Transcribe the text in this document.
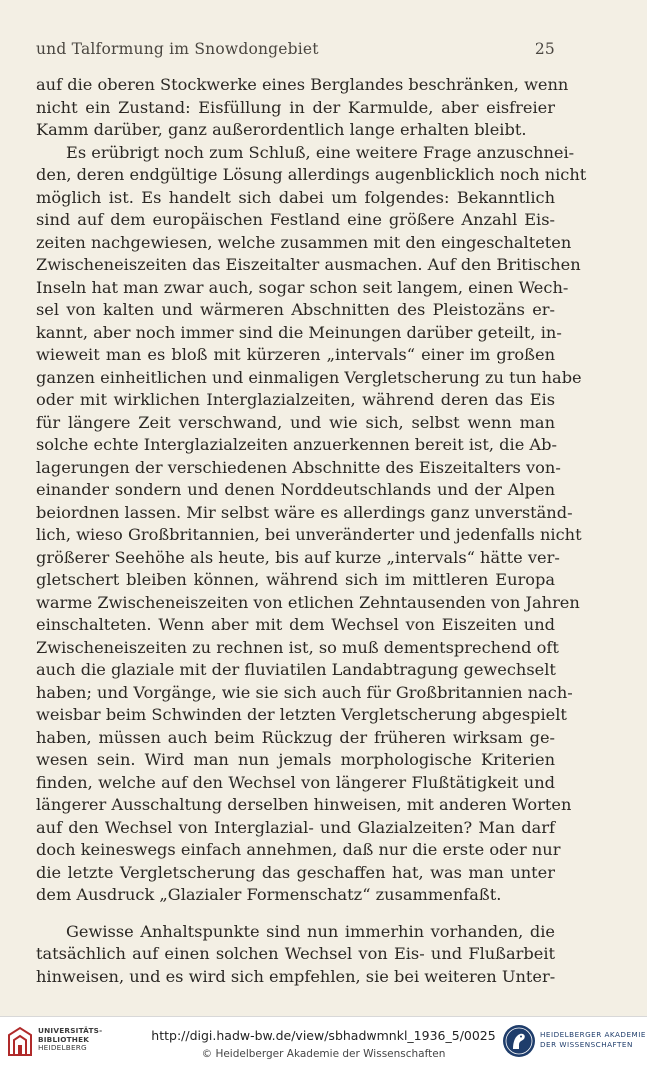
und Talformung im Snowdongebiet	25
auf die oberen Stockwerke eines Berglandes beschränken, wenn
nicht ein Zustand: Eisfüllung in der Karmulde, aber eisfreier
Kamm darüber, ganz außerordentlich lange erhalten bleibt.
Es erübrigt noch zum Schluß, eine weitere Frage anzuschnei-
den, deren endgültige Lösung allerdings augenblicklich noch nicht
möglich ist. Es handelt sich dabei um folgendes: Bekanntlich
sind auf dem europäischen Festland eine größere Anzahl Eis-
zeiten nachgewiesen, welche zusammen mit den eingeschalteten
Zwischeneiszeiten das Eiszeitalter ausmachen. Auf den Britischen
Inseln hat man zwar auch, sogar schon seit langem, einen Wech-
sel von kalten und wärmeren Abschnitten des Pleistozäns er-
kannt, aber noch immer sind die Meinungen darüber geteilt, in-
wieweit man es bloß mit kürzeren „intervals“ einer im großen
ganzen einheitlichen und einmaligen Vergletscherung zu tun habe
oder mit wirklichen Interglazialzeiten, während deren das Eis
für längere Zeit verschwand, und wie sich, selbst wenn man
solche echte Interglazialzeiten anzuerkennen bereit ist, die Ab-
lagerungen der verschiedenen Abschnitte des Eiszeitalters von-
einander sondern und denen Norddeutschlands und der Alpen
beiordnen lassen. Mir selbst wäre es allerdings ganz unverständ-
lich, wieso Großbritannien, bei unveränderter und jedenfalls nicht
größerer Seehöhe als heute, bis auf kurze „intervals“ hätte ver-
gletschert bleiben können, während sich im mittleren Europa
warme Zwischeneiszeiten von etlichen Zehntausenden von Jahren
einschalteten. Wenn aber mit dem Wechsel von Eiszeiten und
Zwischeneiszeiten zu rechnen ist, so muß dementsprechend oft
auch die glaziale mit der fluviatilen Landabtragung gewechselt
haben; und Vorgänge, wie sie sich auch für Großbritannien nach-
weisbar beim Schwinden der letzten Vergletscherung abgespielt
haben, müssen auch beim Rückzug der früheren wirksam ge-
wesen sein. Wird man nun jemals morphologische Kriterien
finden, welche auf den Wechsel von längerer Flußtätigkeit und
längerer Ausschaltung derselben hinweisen, mit anderen Worten
auf den Wechsel von Interglazial- und Glazialzeiten? Man darf
doch keineswegs einfach annehmen, daß nur die erste oder nur
die letzte Vergletscherung das geschaffen hat, was man unter
dem Ausdruck „Glazialer Formenschatz“ zusammenfaßt.
Gewisse Anhaltspunkte sind nun immerhin vorhanden, die
tatsächlich auf einen solchen Wechsel von Eis- und Flußarbeit
hinweisen, und es wird sich empfehlen, sie bei weiteren Unter-
UNIVERSITÄTS-
BIBLIOTHEK
HEIDELBERG
http://digi.hadw-bw.de/view/sbhadwmnkl_1936_5/0025
© Heidelberger Akademie der Wissenschaften
HEIDELBERGER AKADEMIE
DER WISSENSCHAFTEN
